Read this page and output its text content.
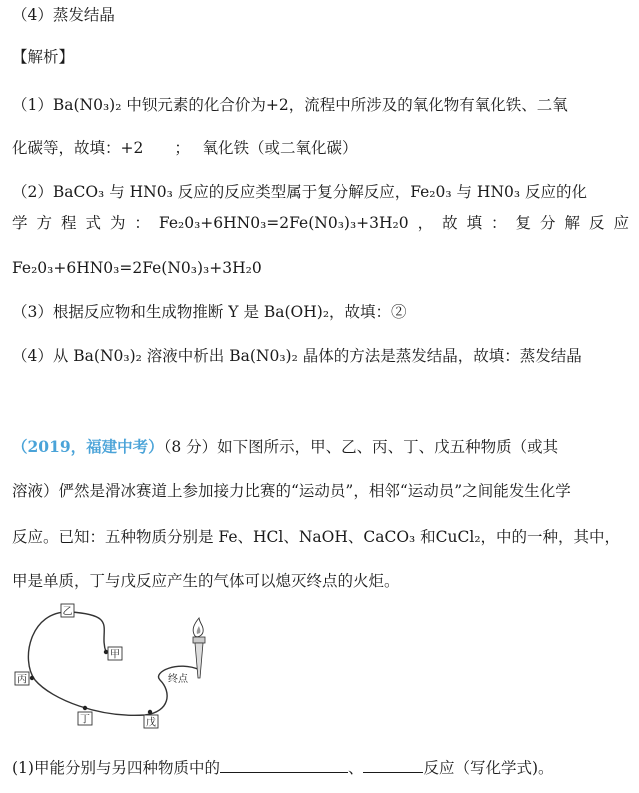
（4）蒸发结晶
【解析】
（1）Ba(N0₃)₂ 中钡元素的化合价为+2，流程中所涉及的氧化物有氧化铁、二氧
化碳等，故填：+2　　；　 氧化铁（或二氧化碳）
（2）BaCO₃ 与 HN0₃ 反应的反应类型属于复分解反应，Fe₂0₃ 与 HN0₃ 反应的化
学方程式为：Fe₂0₃+6HN0₃=2Fe(N0₃)₃+3H₂0，故填：复分解反应
Fe₂0₃+6HN0₃=2Fe(N0₃)₃+3H₂0
（3）根据反应物和生成物推断 Y 是 Ba(OH)₂，故填：②
（4）从 Ba(N0₃)₂ 溶液中析出 Ba(N0₃)₂ 晶体的方法是蒸发结晶，故填：蒸发结晶
（2019，福建中考）（8 分）如下图所示，甲、乙、丙、丁、戊五种物质（或其
溶液）俨然是滑冰赛道上参加接力比赛的“运动员”，相邻“运动员”之间能发生化学
反应。已知：五种物质分别是 Fe、HCl、NaOH、CaCO₃ 和CuCl₂，中的一种，其中，
甲是单质，丁与戊反应产生的气体可以熄灭终点的火炬。
乙
甲
丙
丁	戊
终点
(1)甲能分别与另四种物质中的	、	反应（写化学式)。
